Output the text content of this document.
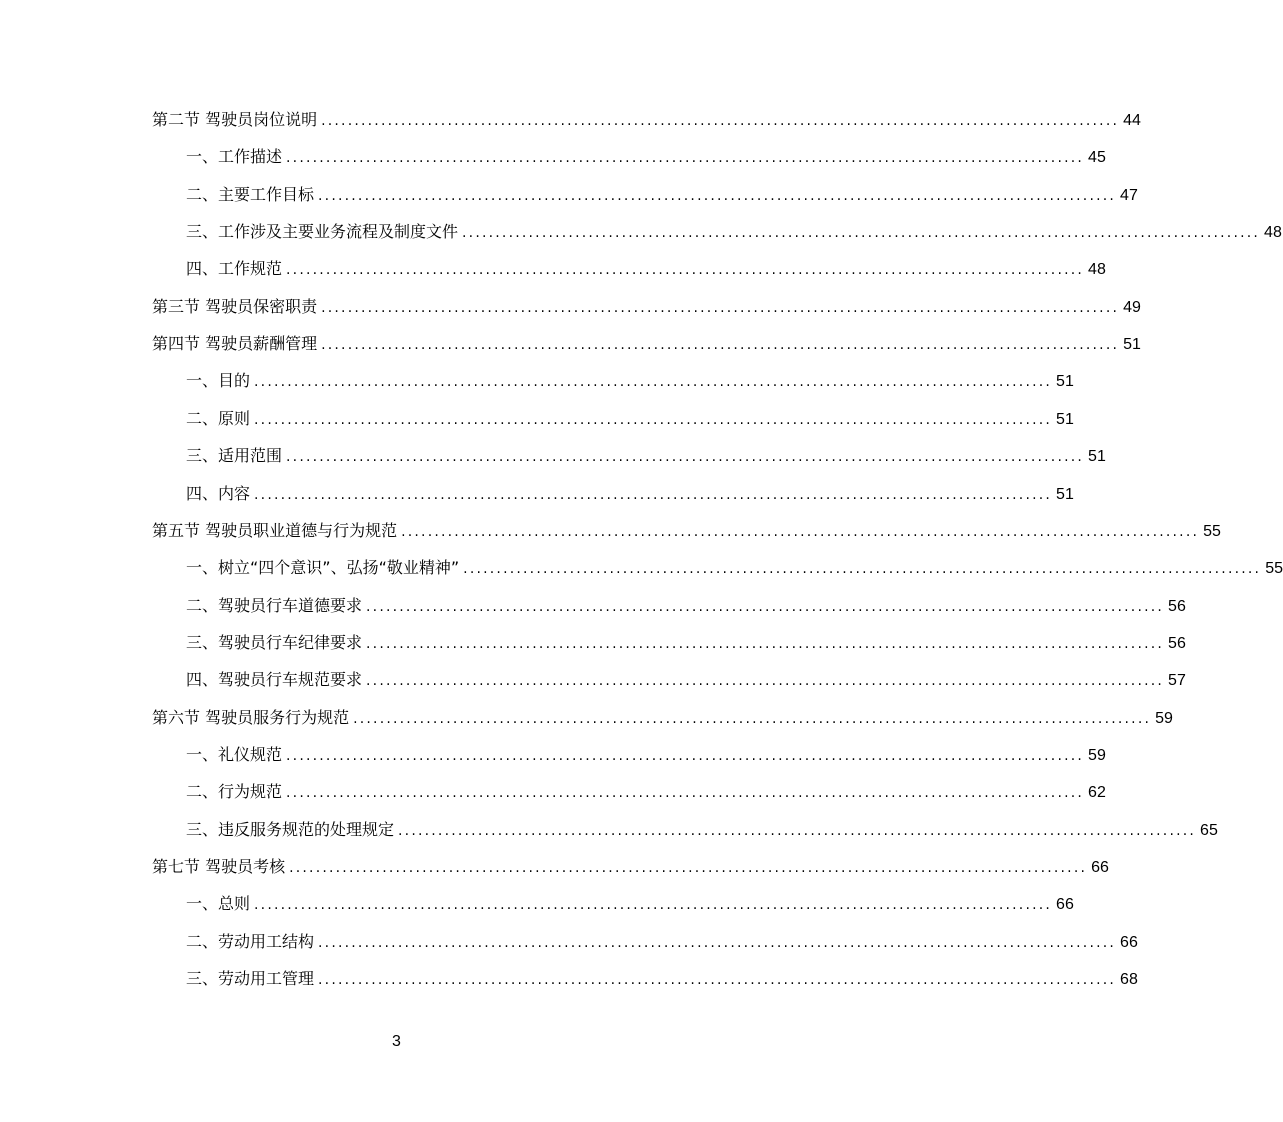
第二节 驾驶员岗位说明 ........................................................................................................................ 44
一、工作描述 ........................................................................................................................ 45
二、主要工作目标 ........................................................................................................................ 47
三、工作涉及主要业务流程及制度文件 ........................................................................................................................ 48
四、工作规范 ........................................................................................................................ 48
第三节 驾驶员保密职责 ........................................................................................................................ 49
第四节 驾驶员薪酬管理 ........................................................................................................................ 51
一、目的 ........................................................................................................................ 51
二、原则 ........................................................................................................................ 51
三、适用范围 ........................................................................................................................ 51
四、内容 ........................................................................................................................ 51
第五节 驾驶员职业道德与行为规范 ........................................................................................................................ 55
一、树立“四个意识”、弘扬“敬业精神” ........................................................................................................................ 55
二、驾驶员行车道德要求 ........................................................................................................................ 56
三、驾驶员行车纪律要求 ........................................................................................................................ 56
四、驾驶员行车规范要求 ........................................................................................................................ 57
第六节 驾驶员服务行为规范 ........................................................................................................................ 59
一、礼仪规范 ........................................................................................................................ 59
二、行为规范 ........................................................................................................................ 62
三、违反服务规范的处理规定 ........................................................................................................................ 65
第七节 驾驶员考核 ........................................................................................................................ 66
一、总则 ........................................................................................................................ 66
二、劳动用工结构 ........................................................................................................................ 66
三、劳动用工管理 ........................................................................................................................ 68
3
